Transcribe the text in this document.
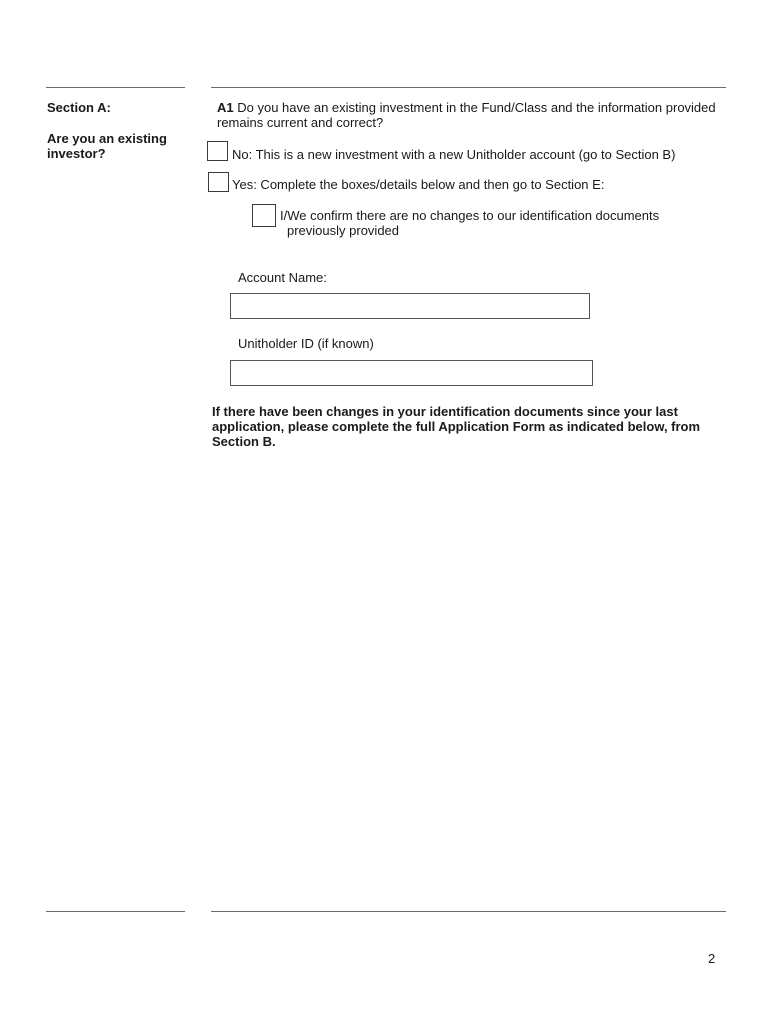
Section A:
Are you an existing investor?
A1 Do you have an existing investment in the Fund/Class and the information provided remains current and correct?
No: This is a new investment with a new Unitholder account (go to Section B)
Yes: Complete the boxes/details below and then go to Section E:
I/We confirm there are no changes to our identification documents
previously provided
Account Name:
Unitholder ID (if known)
If there have been changes in your identification documents since your last application, please complete the full Application Form as indicated below, from Section B.
2
